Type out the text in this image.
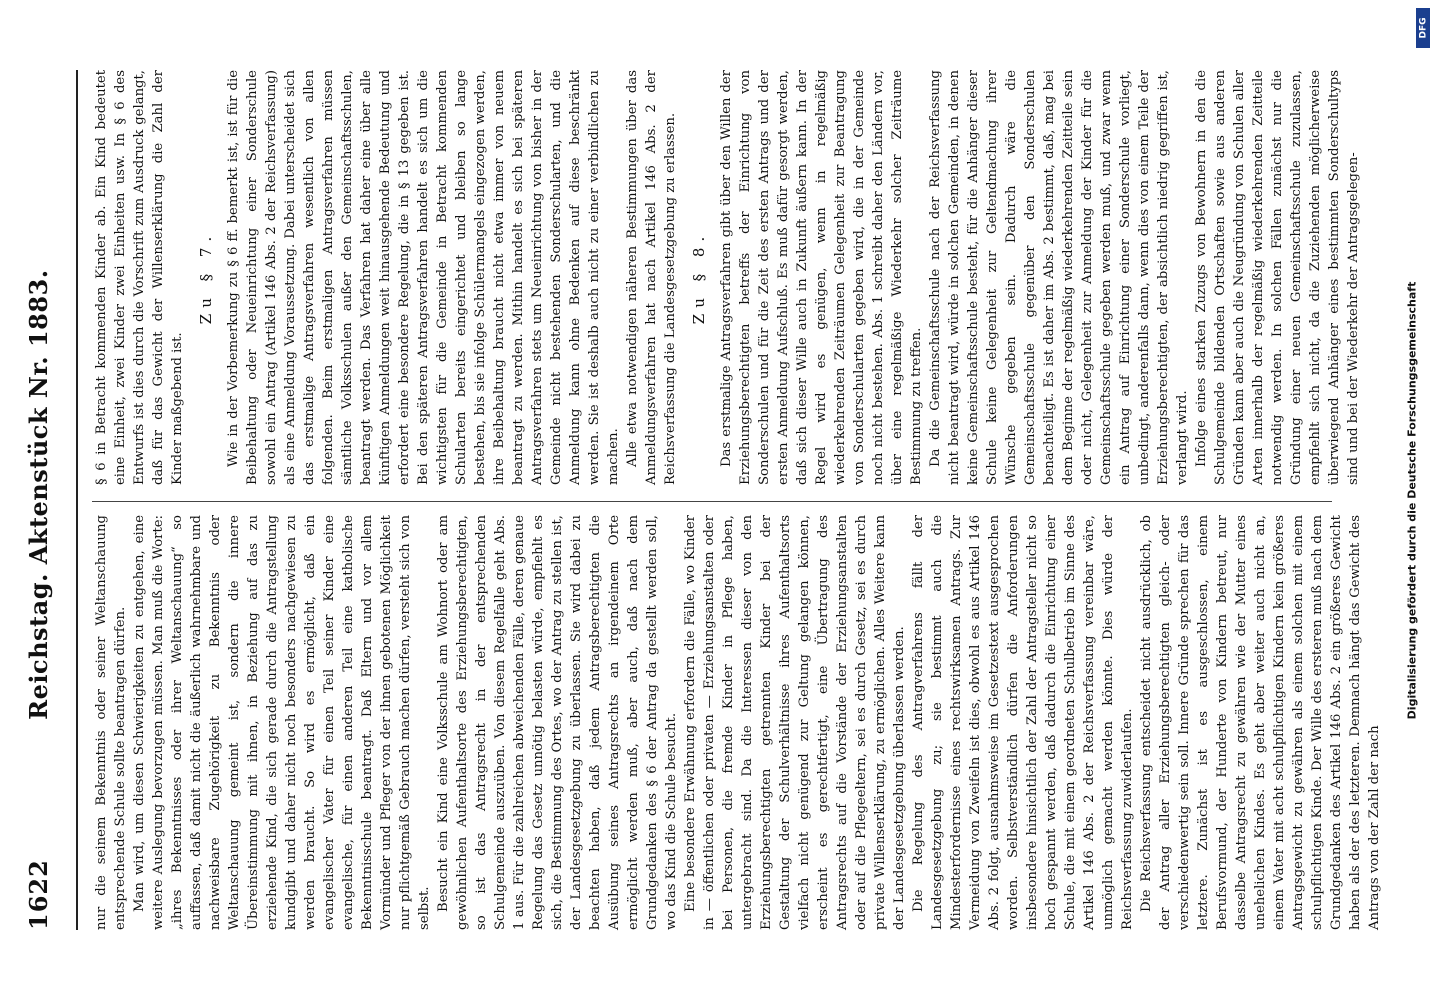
1622
Reichstag. Aktenstück Nr. 1883.

nur die seinem Bekenntnis oder seiner Weltanschauung entsprechende Schule sollte beantragen dürfen. Man wird, um diesen Schwierigkeiten zu entgehen, eine weitere Auslegung bevorzugen müssen. Man muß die Worte: „ihres Bekenntnisses oder ihrer Weltanschauung“ so auffassen, daß damit nicht die äußerlich wahrnehmbare und nachweisbare Zugehörigkeit zu Bekenntnis oder Weltanschauung gemeint ist, sondern die innere Übereinstimmung mit ihnen, in Beziehung auf das zu erziehende Kind, die sich gerade durch die Antragstellung kundgibt und daher nicht noch besonders nachgewiesen zu werden braucht. So wird es ermöglicht, daß ein evangelischer Vater für einen Teil seiner Kinder eine evangelische, für einen anderen Teil eine katholische Bekenntnisschule beantragt. Daß Eltern und vor allem Vormünder und Pfleger von der ihnen gebotenen Möglichkeit nur pflichtgemäß Gebrauch machen dürfen, versteht sich von selbst. Besucht ein Kind eine Volksschule am Wohnort oder am gewöhnlichen Aufenthaltsorte des Erziehungsberechtigten, so ist das Antragsrecht in der entsprechenden Schulgemeinde auszuüben. Von diesem Regelfalle geht Abs. 1 aus. Für die zahlreichen abweichenden Fälle, deren genaue Regelung das Gesetz unnötig belasten würde, empfiehlt es sich, die Bestimmung des Ortes, wo der Antrag zu stellen ist, der Landesgesetzgebung zu überlassen. Sie wird dabei zu beachten haben, daß jedem Antragsberechtigten die Ausübung seines Antragsrechts an irgendeinem Orte ermöglicht werden muß, aber auch, daß nach dem Grundgedanken des § 6 der Antrag da gestellt werden soll, wo das Kind die Schule besucht. Eine besondere Erwähnung erfordern die Fälle, wo Kinder in — öffentlichen oder privaten — Erziehungsanstalten oder bei Personen, die fremde Kinder in Pflege haben, untergebracht sind. Da die Interessen dieser von den Erziehungsberechtigten getrennten Kinder bei der Gestaltung der Schulverhältnisse ihres Aufenthaltsorts vielfach nicht genügend zur Geltung gelangen können, erscheint es gerechtfertigt, eine Übertragung des Antragsrechts auf die Vorstände der Erziehungsanstalten oder auf die Pflegeeltern, sei es durch Gesetz, sei es durch private Willenserklärung, zu ermöglichen. Alles Weitere kann der Landesgesetzgebung überlassen werden. Die Regelung des Antragverfahrens fällt der Landesgesetzgebung zu; sie bestimmt auch die Mindesterfordernisse eines rechtswirksamen Antrags. Zur Vermeidung von Zweifeln ist dies, obwohl es aus Artikel 146 Abs. 2 folgt, ausnahmsweise im Gesetzestext ausgesprochen worden. Selbstverständlich dürfen die Anforderungen insbesondere hinsichtlich der Zahl der Antragsteller nicht so hoch gespannt werden, daß dadurch die Einrichtung einer Schule, die mit einem geordneten Schulbetrieb im Sinne des Artikel 146 Abs. 2 der Reichsverfassung vereinbar wäre, unmöglich gemacht werden könnte. Dies würde der Reichsverfassung zuwiderlaufen. Die Reichsverfassung entscheidet nicht ausdrücklich, ob der Antrag aller Erziehungsberechtigten gleich- oder verschiedenwertig sein soll. Innere Gründe sprechen für das letztere. Zunächst ist es ausgeschlossen, einem Berufsvormund, der Hunderte von Kindern betreut, nur dasselbe Antragsrecht zu gewähren wie der Mutter eines unehelichen Kindes. Es geht aber weiter auch nicht an, einem Vater mit acht schulpflichtigen Kindern kein größeres Antragsgewicht zu gewähren als einem solchen mit einem schulpflichtigen Kinde. Der Wille des ersteren muß nach dem Grundgedanken des Artikel 146 Abs. 2 ein größeres Gewicht haben als der des letzteren. Demnach hängt das Gewicht des Antrags von der Zahl der nach

§ 6 in Betracht kommenden Kinder ab. Ein Kind bedeutet eine Einheit, zwei Kinder zwei Einheiten usw. In § 6 des Entwurfs ist dies durch die Vorschrift zum Ausdruck gelangt, daß für das Gewicht der Willenserklärung die Zahl der Kinder maßgebend ist.

Zu § 7. Wie in der Vorbemerkung zu § 6 ff. bemerkt ist, ist für die Beibehaltung oder Neueinrichtung einer Sonderschule sowohl ein Antrag (Artikel 146 Abs. 2 der Reichsverfassung) als eine Anmeldung Voraussetzung. Dabei unterscheidet sich das erstmalige Antragsverfahren wesentlich von allen folgenden. Beim erstmaligen Antragsverfahren müssen sämtliche Volksschulen außer den Gemeinschaftsschulen, beantragt werden. Das Verfahren hat daher eine über alle künftigen Anmeldungen weit hinausgehende Bedeutung und erfordert eine besondere Regelung, die in § 13 gegeben ist. Bei den späteren Antragsverfahren handelt es sich um die wichtigsten für die Gemeinde in Betracht kommenden Schularten bereits eingerichtet und bleiben so lange bestehen, bis sie infolge Schülermangels eingezogen werden, ihre Beibehaltung braucht nicht etwa immer von neuem beantragt zu werden. Mithin handelt es sich bei späteren Antragsverfahren stets um Neueinrichtung von bisher in der Gemeinde nicht bestehenden Sonderschularten, und die Anmeldung kann ohne Bedenken auf diese beschränkt werden. Sie ist deshalb auch nicht zu einer verbindlichen zu machen. Alle etwa notwendigen näheren Bestimmungen über das Anmeldungsverfahren hat nach Artikel 146 Abs. 2 der Reichsverfassung die Landesgesetzgebung zu erlassen. Zu § 8. Das erstmalige Antragsverfahren gibt über den Willen der Erziehungsberechtigten betreffs der Einrichtung von Sonderschulen und für die Zeit des ersten Antrags und der ersten Anmeldung Aufschluß. Es muß dafür gesorgt werden, daß sich dieser Wille auch in Zukunft äußern kann. In der Regel wird es genügen, wenn in regelmäßig wiederkehrenden Zeiträumen Gelegenheit zur Beantragung von Sonderschularten gegeben wird, die in der Gemeinde noch nicht bestehen. Abs. 1 schreibt daher den Ländern vor, über eine regelmäßige Wiederkehr solcher Zeiträume Bestimmung zu treffen. Da die Gemeinschaftsschule nach der Reichsverfassung nicht beantragt wird, würde in solchen Gemeinden, in denen keine Gemeinschaftsschule besteht, für die Anhänger dieser Schule keine Gelegenheit zur Geltendmachung ihrer Wünsche gegeben sein. Dadurch wäre die Gemeinschaftsschule gegenüber den Sonderschulen benachteiligt. Es ist daher im Abs. 2 bestimmt, daß, mag bei dem Beginne der regelmäßig wiederkehrenden Zeitteile sein oder nicht, Gelegenheit zur Anmeldung der Kinder für die Gemeinschaftsschule gegeben werden muß, und zwar wenn ein Antrag auf Einrichtung einer Sonderschule vorliegt, unbedingt, anderenfalls dann, wenn dies von einem Teile der Erziehungsberechtigten, der absichtlich niedrig gegriffen ist, verlangt wird. Infolge eines starken Zuzugs von Bewohnern in den die Schulgemeinde bildenden Ortschaften sowie aus anderen Gründen kann aber auch die Neugründung von Schulen aller Arten innerhalb der regelmäßig wiederkehrenden Zeitteile notwendig werden. In solchen Fällen zunächst nur die Gründung einer neuen Gemeinschaftsschule zuzulassen, empfiehlt sich nicht, da die Zuziehenden möglicherweise überwiegend Anhänger eines bestimmten Sonderschultyps sind und bei der Wiederkehr der Antragsgelegen-

DFG
Digitalisierung gefördert durch die Deutsche Forschungsgemeinschaft
